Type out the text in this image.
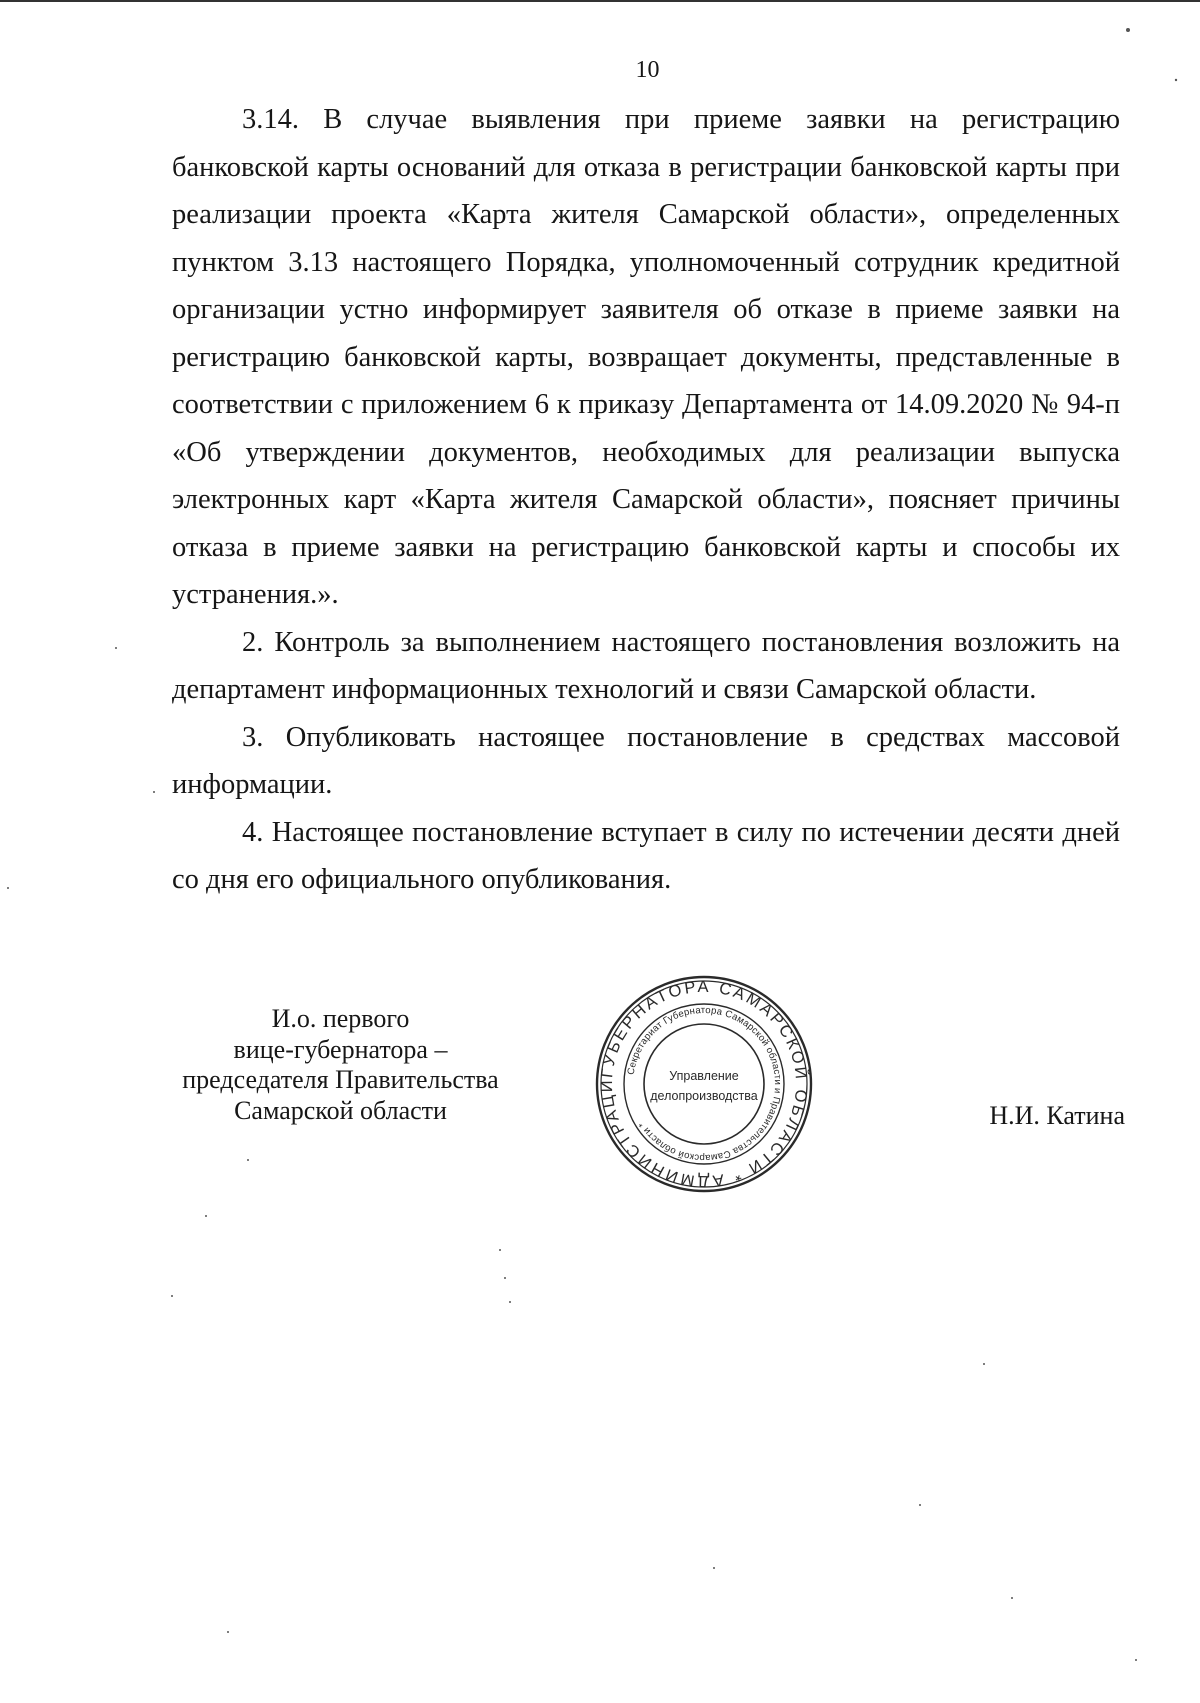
10

3.14. В случае выявления при приеме заявки на регистрацию банковской карты оснований для отказа в регистрации банковской карты при реализации проекта «Карта жителя Самарской области», определенных пунктом 3.13 настоящего Порядка, уполномоченный сотрудник кредитной организации устно информирует заявителя об отказе в приеме заявки на регистрацию банковской карты, возвращает документы, представленные в соответствии с приложением 6 к приказу Департамента от 14.09.2020 № 94-п «Об утверждении документов, необходимых для реализации выпуска электронных карт «Карта жителя Самарской области», поясняет причины отказа в приеме заявки на регистрацию банковской карты и способы их устранения.».

2. Контроль за выполнением настоящего постановления возложить на департамент информационных технологий и связи Самарской области.

3. Опубликовать настоящее постановление в средствах массовой информации.

4. Настоящее постановление вступает в силу по истечении десяти дней со дня его официального опубликования.

И.о. первого
вице-губернатора –
председателя Правительства
Самарской области
ГУБЕРНАТОРА САМАРСКОЙ ОБЛАСТИ * АДМИНИСТРАЦИ
Секретариат Губернатора Самарской области и Правительства Самарской области *
Управление
делопроизводства
Н.И. Катина
